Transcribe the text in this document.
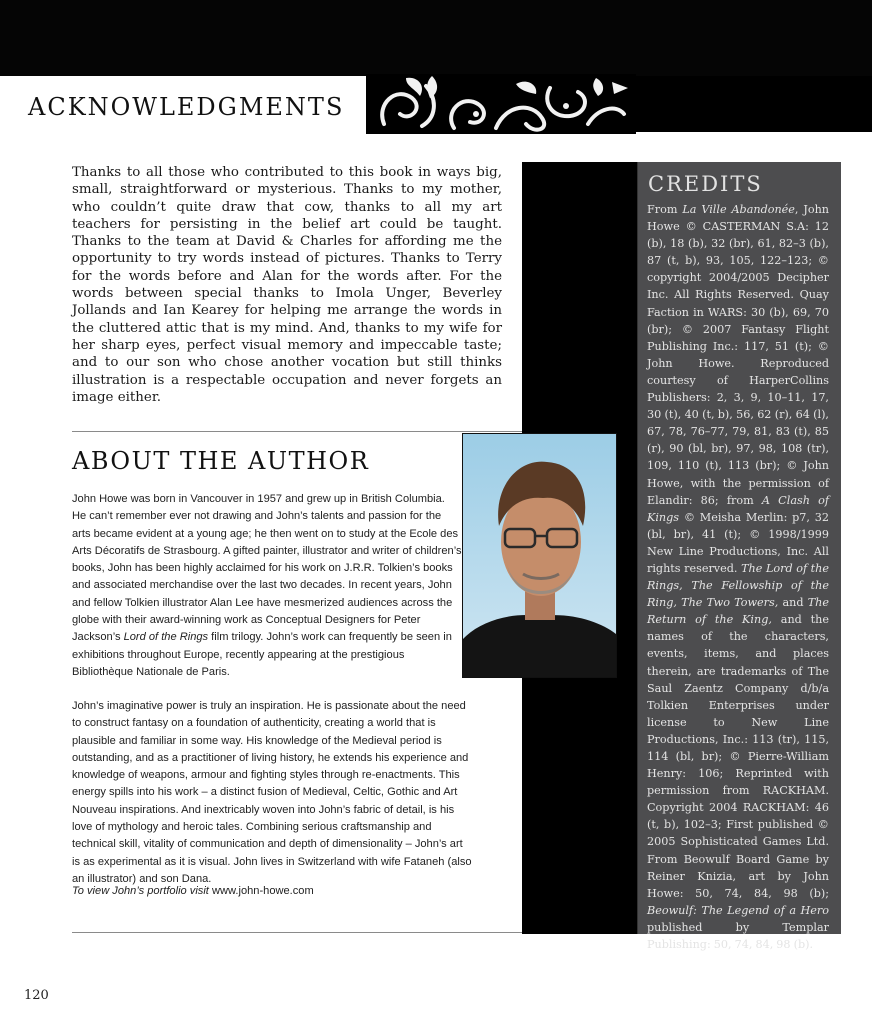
ACKNOWLEDGMENTS

Thanks to all those who contributed to this book in ways big, small, straightforward or mysterious. Thanks to my mother, who couldn’t quite draw that cow, thanks to all my art teachers for persisting in the belief art could be taught. Thanks to the team at David & Charles for affording me the opportunity to try words instead of pictures. Thanks to Terry for the words before and Alan for the words after. For the words between special thanks to Imola Unger, Beverley Jollands and Ian Kearey for helping me arrange the words in the cluttered attic that is my mind. And, thanks to my wife for her sharp eyes, perfect visual memory and impeccable taste; and to our son who chose another vocation but still thinks illustration is a respectable occupation and never forgets an image either.

CREDITS

From La Ville Abandonée, John Howe © CASTERMAN S.A: 12 (b), 18 (b), 32 (br), 61, 82–3 (b), 87 (t, b), 93, 105, 122–123; © copyright 2004/2005 Decipher Inc. All Rights Reserved. Quay Faction in WARS: 30 (b), 69, 70 (br); © 2007 Fantasy Flight Publishing Inc.: 117, 51 (t); © John Howe. Reproduced courtesy of HarperCollins Publishers: 2, 3, 9, 10–11, 17, 30 (t), 40 (t, b), 56, 62 (r), 64 (l), 67, 78, 76–77, 79, 81, 83 (t), 85 (r), 90 (bl, br), 97, 98, 108 (tr), 109, 110 (t), 113 (br); © John Howe, with the permission of Elandir: 86; from A Clash of Kings © Meisha Merlin: p7, 32 (bl, br), 41 (t); © 1998/1999 New Line Productions, Inc. All rights reserved. The Lord of the Rings, The Fellowship of the Ring, The Two Towers, and The Return of the King, and the names of the characters, events, items, and places therein, are trademarks of The Saul Zaentz Company d/b/a Tolkien Enterprises under license to New Line Productions, Inc.: 113 (tr), 115, 114 (bl, br); © Pierre-William Henry: 106; Reprinted with permission from RACKHAM. Copyright 2004 RACKHAM: 46 (t, b), 102–3; First published © 2005 Sophisticated Games Ltd. From Beowulf Board Game by Reiner Knizia, art by John Howe: 50, 74, 84, 98 (b); Beowulf: The Legend of a Hero published by Templar Publishing: 50, 74, 84, 98 (b).

ABOUT THE AUTHOR

John Howe was born in Vancouver in 1957 and grew up in British Columbia. He can’t remember ever not drawing and John’s talents and passion for the arts became evident at a young age; he then went on to study at the Ecole des Arts Décoratifs de Strasbourg. A gifted painter, illustrator and writer of children’s books, John has been highly acclaimed for his work on J.R.R. Tolkien’s books and associated merchandise over the last two decades. In recent years, John and fellow Tolkien illustrator Alan Lee have mesmerized audiences across the globe with their award-winning work as Conceptual Designers for Peter Jackson’s Lord of the Rings film trilogy. John’s work can frequently be seen in exhibitions throughout Europe, recently appearing at the prestigious Bibliothèque Nationale de Paris.

John’s imaginative power is truly an inspiration. He is passionate about the need to construct fantasy on a foundation of authenticity, creating a world that is plausible and familiar in some way. His knowledge of the Medieval period is outstanding, and as a practitioner of living history, he extends his experience and knowledge of weapons, armour and fighting styles through re-enactments. This energy spills into his work – a distinct fusion of Medieval, Celtic, Gothic and Art Nouveau inspirations. And inextricably woven into John’s fabric of detail, is his love of mythology and heroic tales. Combining serious craftsmanship and technical skill, vitality of communication and depth of dimensionality – John’s art is as experimental as it is visual. John lives in Switzerland with wife Fataneh (also an illustrator) and son Dana.

To view John’s portfolio visit www.john-howe.com

120
